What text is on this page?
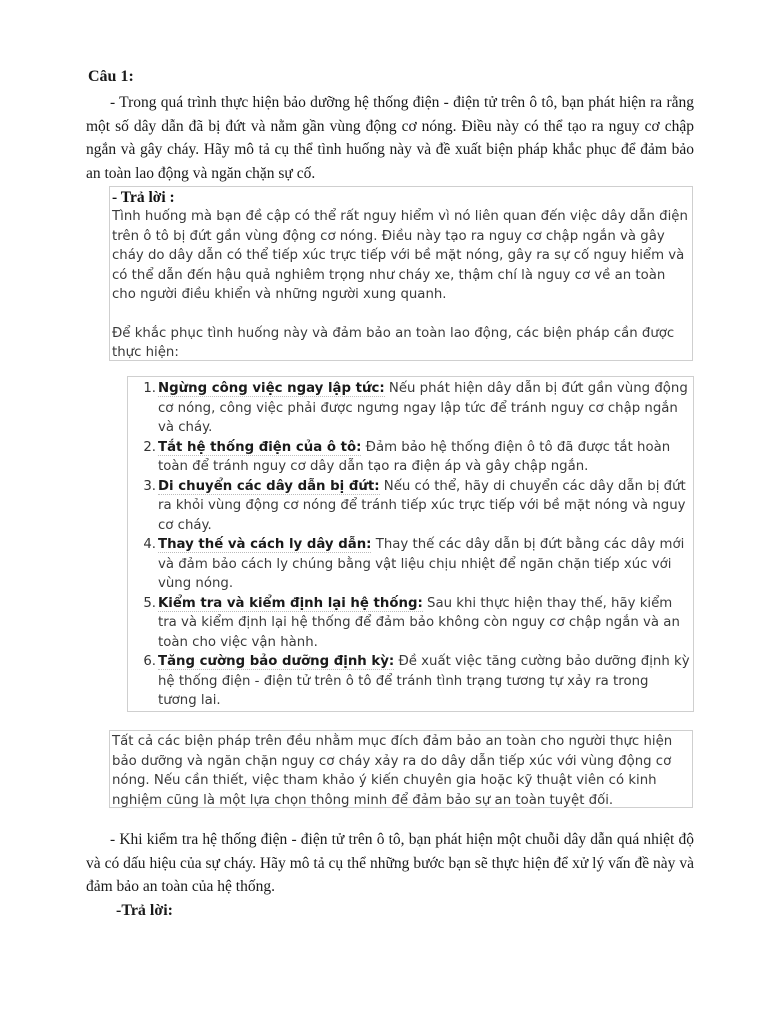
Câu 1:

- Trong quá trình thực hiện bảo dưỡng hệ thống điện - điện tử trên ô tô, bạn phát hiện ra rằng một số dây dẫn đã bị đứt và nằm gần vùng động cơ nóng. Điều này có thể tạo ra nguy cơ chập ngắn và gây cháy. Hãy mô tả cụ thể tình huống này và đề xuất biện pháp khắc phục để đảm bảo an toàn lao động và ngăn chặn sự cố.

- Trả lời :

Tình huống mà bạn đề cập có thể rất nguy hiểm vì nó liên quan đến việc dây dẫn điện trên ô tô bị đứt gần vùng động cơ nóng. Điều này tạo ra nguy cơ chập ngắn và gây cháy do dây dẫn có thể tiếp xúc trực tiếp với bề mặt nóng, gây ra sự cố nguy hiểm và có thể dẫn đến hậu quả nghiêm trọng như cháy xe, thậm chí là nguy cơ về an toàn cho người điều khiển và những người xung quanh.

Để khắc phục tình huống này và đảm bảo an toàn lao động, các biện pháp cần được thực hiện:

1. Ngừng công việc ngay lập tức: Nếu phát hiện dây dẫn bị đứt gần vùng động cơ nóng, công việc phải được ngưng ngay lập tức để tránh nguy cơ chập ngắn và cháy.
2. Tắt hệ thống điện của ô tô: Đảm bảo hệ thống điện ô tô đã được tắt hoàn toàn để tránh nguy cơ dây dẫn tạo ra điện áp và gây chập ngắn.
3. Di chuyển các dây dẫn bị đứt: Nếu có thể, hãy di chuyển các dây dẫn bị đứt ra khỏi vùng động cơ nóng để tránh tiếp xúc trực tiếp với bề mặt nóng và nguy cơ cháy.
4. Thay thế và cách ly dây dẫn: Thay thế các dây dẫn bị đứt bằng các dây mới và đảm bảo cách ly chúng bằng vật liệu chịu nhiệt để ngăn chặn tiếp xúc với vùng nóng.
5. Kiểm tra và kiểm định lại hệ thống: Sau khi thực hiện thay thế, hãy kiểm tra và kiểm định lại hệ thống để đảm bảo không còn nguy cơ chập ngắn và an toàn cho việc vận hành.
6. Tăng cường bảo dưỡng định kỳ: Đề xuất việc tăng cường bảo dưỡng định kỳ hệ thống điện - điện tử trên ô tô để tránh tình trạng tương tự xảy ra trong tương lai.

Tất cả các biện pháp trên đều nhằm mục đích đảm bảo an toàn cho người thực hiện bảo dưỡng và ngăn chặn nguy cơ cháy xảy ra do dây dẫn tiếp xúc với vùng động cơ nóng. Nếu cần thiết, việc tham khảo ý kiến chuyên gia hoặc kỹ thuật viên có kinh nghiệm cũng là một lựa chọn thông minh để đảm bảo sự an toàn tuyệt đối.

- Khi kiểm tra hệ thống điện - điện tử trên ô tô, bạn phát hiện một chuỗi dây dẫn quá nhiệt độ và có dấu hiệu của sự cháy. Hãy mô tả cụ thể những bước bạn sẽ thực hiện để xử lý vấn đề này và đảm bảo an toàn của hệ thống.

-Trả lời:
